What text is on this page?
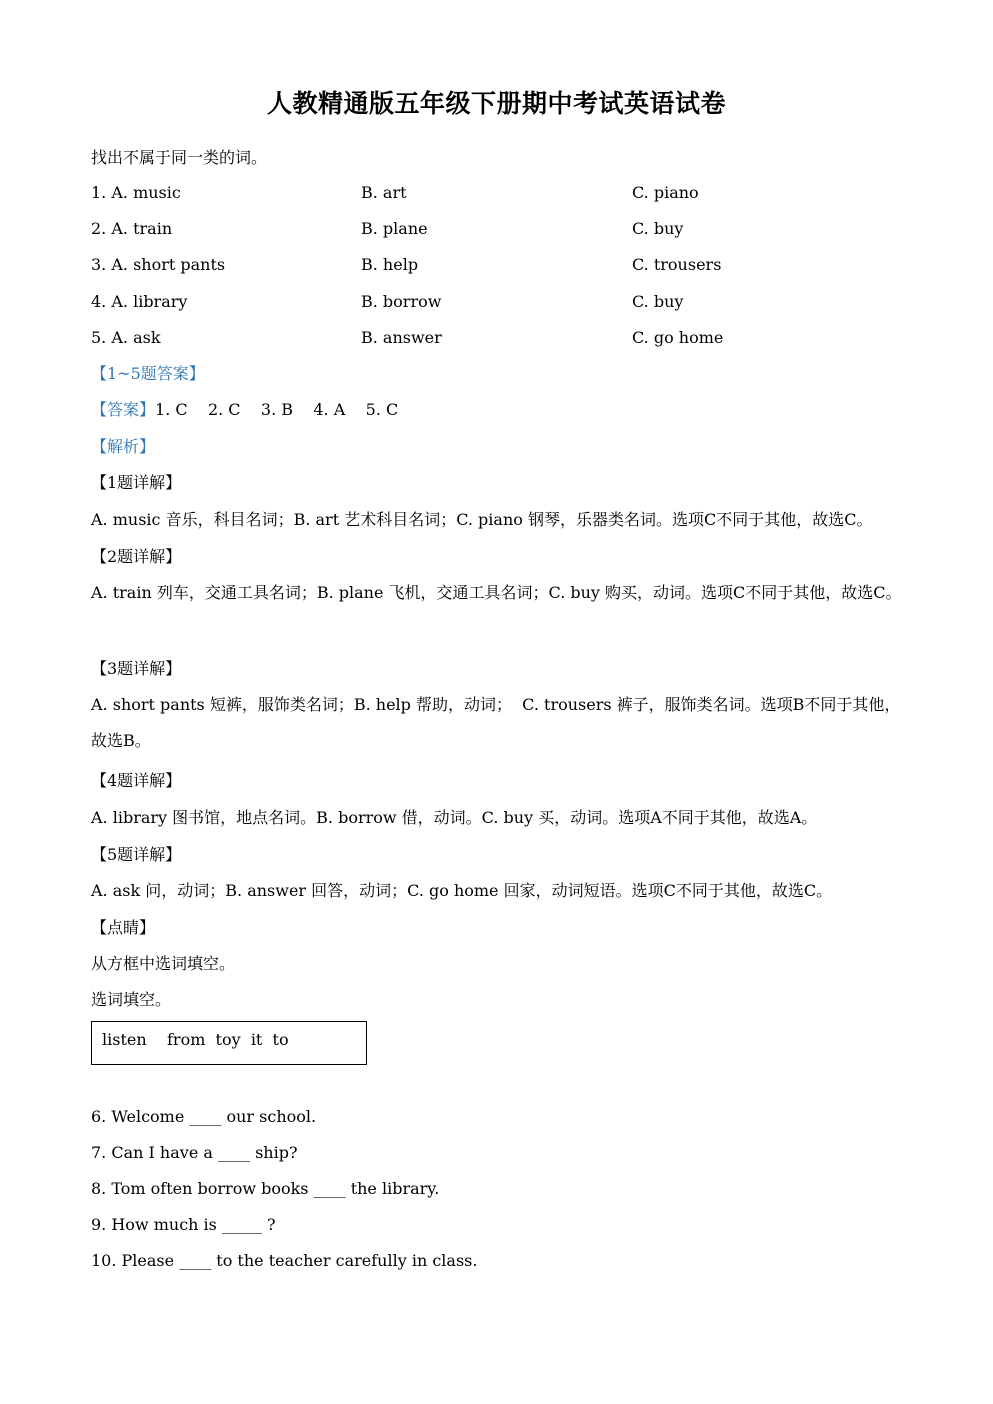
人教精通版五年级下册期中考试英语试卷
找出不属于同一类的词。
1. A. music	B. art	C. piano
2. A. train	B. plane	C. buy
3. A. short pants	B. help	C. trousers
4. A. library	B. borrow	C. buy
5. A. ask	B. answer	C. go home
【1~5题答案】
【答案】1. C    2. C    3. B    4. A    5. C
【解析】
【1题详解】
A. music 音乐，科目名词；B. art 艺术科目名词；C. piano 钢琴，乐器类名词。选项C不同于其他，故选C。
【2题详解】
A. train 列车，交通工具名词；B. plane 飞机，交通工具名词；C. buy 购买，动词。选项C不同于其他，故选C。
【3题详解】
A. short pants 短裤，服饰类名词；B. help 帮助，动词；  C. trousers 裤子，服饰类名词。选项B不同于其他，故选B。
【4题详解】
A. library 图书馆，地点名词。B. borrow 借，动词。C. buy 买，动词。选项A不同于其他，故选A。
【5题详解】
A. ask 问，动词；B. answer 回答，动词；C. go home 回家，动词短语。选项C不同于其他，故选C。
【点睛】
从方框中选词填空。
选词填空。
listen    from  toy  it  to
6. Welcome ____ our school.
7. Can I have a ____ ship?
8. Tom often borrow books ____ the library.
9. How much is _____ ?
10. Please ____ to the teacher carefully in class.
